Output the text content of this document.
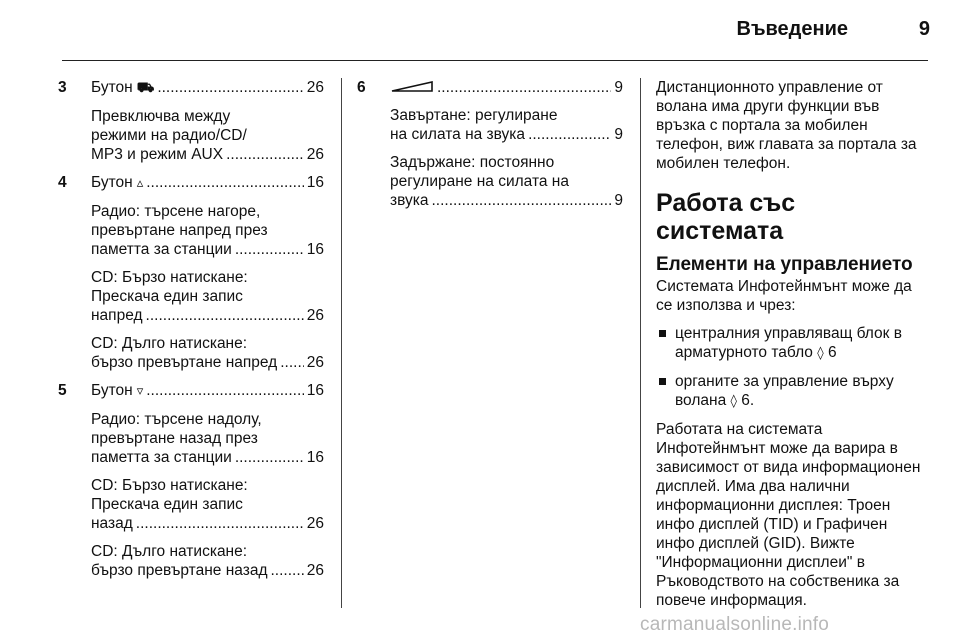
Въведение	9
3 Бутон ⛟ .....	26
Превключва между
режими на радио/CD/
MP3 и режим AUX .....	26
4 Бутон ▵ .....	16
Радио: търсене нагоре,
превъртане напред през
паметта за станции .....	16
CD: Бързо натискане:
Прескача един запис
напред .....	26
CD: Дълго натискане:
бързо превъртане напред ..... 26
5 Бутон ▿ .....	16
Радио: търсене надолу,
превъртане назад през
паметта за станции .....	16
CD: Бързо натискане:
Прескача един запис
назад .....	26
CD: Дълго натискане:
бързо превъртане назад .....	26
6 .....	9
Завъртане: регулиране
на силата на звука .....	9
Задържане: постоянно
регулиране на силата на
звука .....	9
Дистанционното управление от волана има други функции във връзка с портала за мобилен телефон, виж главата за портала за мобилен телефон.
Работа със системата
Елементи на управлението
Системата Инфотейнмънт може да се използва и чрез:
централния управляващ блок в арматурното табло ◊ 6
органите за управление върху волана ◊ 6.
Работата на системата
Инфотейнмънт може да варира в зависимост от вида информационен дисплей. Има два налични информационни дисплея: Троен инфо дисплей (TID) и Графичен инфо дисплей (GID). Вижте "Информационни дисплеи" в Ръководството на собственика за повече информация.
carmanualsonline.info
